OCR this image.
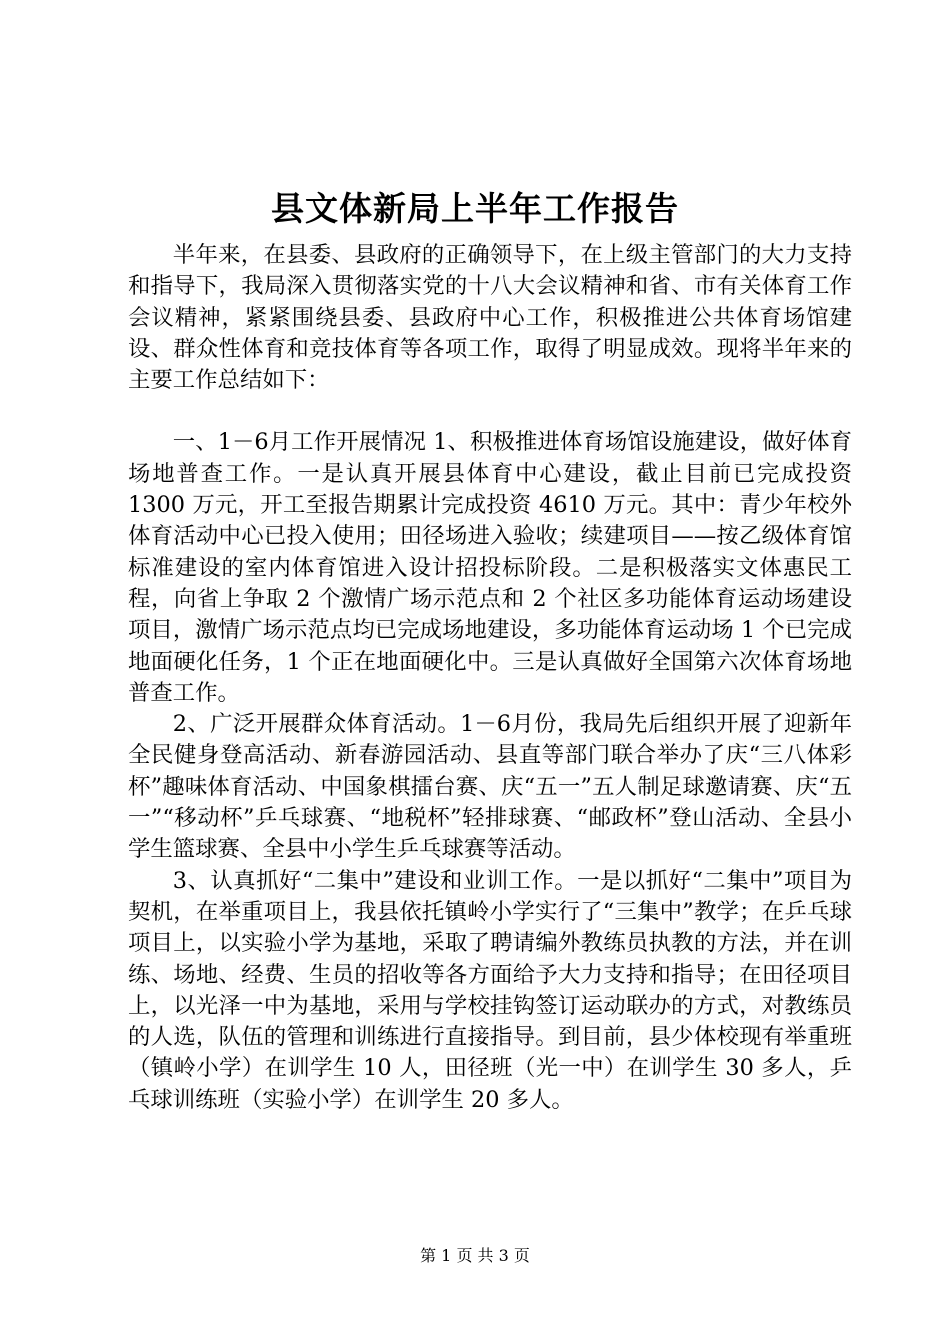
县文体新局上半年工作报告

半年来，在县委、县政府的正确领导下，在上级主管部门的大力支持和指导下，我局深入贯彻落实党的十八大会议精神和省、市有关体育工作会议精神，紧紧围绕县委、县政府中心工作，积极推进公共体育场馆建设、群众性体育和竞技体育等各项工作，取得了明显成效。现将半年来的主要工作总结如下：

一、1－6月工作开展情况 1、积极推进体育场馆设施建设，做好体育场地普查工作。一是认真开展县体育中心建设，截止目前已完成投资 1300 万元，开工至报告期累计完成投资 4610 万元。其中：青少年校外体育活动中心已投入使用；田径场进入验收；续建项目——按乙级体育馆标准建设的室内体育馆进入设计招投标阶段。二是积极落实文体惠民工程，向省上争取 2 个激情广场示范点和 2 个社区多功能体育运动场建设项目，激情广场示范点均已完成场地建设，多功能体育运动场 1 个已完成地面硬化任务，1 个正在地面硬化中。三是认真做好全国第六次体育场地普查工作。

2、广泛开展群众体育活动。1－6月份，我局先后组织开展了迎新年全民健身登高活动、新春游园活动、县直等部门联合举办了庆“三八体彩杯”趣味体育活动、中国象棋擂台赛、庆“五一”五人制足球邀请赛、庆“五一”“移动杯”乒乓球赛、“地税杯”轻排球赛、“邮政杯”登山活动、全县小学生篮球赛、全县中小学生乒乓球赛等活动。

3、认真抓好“二集中”建设和业训工作。一是以抓好“二集中”项目为契机，在举重项目上，我县依托镇岭小学实行了“三集中”教学；在乒乓球项目上，以实验小学为基地，采取了聘请编外教练员执教的方法，并在训练、场地、经费、生员的招收等各方面给予大力支持和指导；在田径项目上，以光泽一中为基地，采用与学校挂钩签订运动联办的方式，对教练员的人选，队伍的管理和训练进行直接指导。到目前，县少体校现有举重班（镇岭小学）在训学生 10 人，田径班（光一中）在训学生 30 多人，乒乓球训练班（实验小学）在训学生 20 多人。

第 1 页 共 3 页
